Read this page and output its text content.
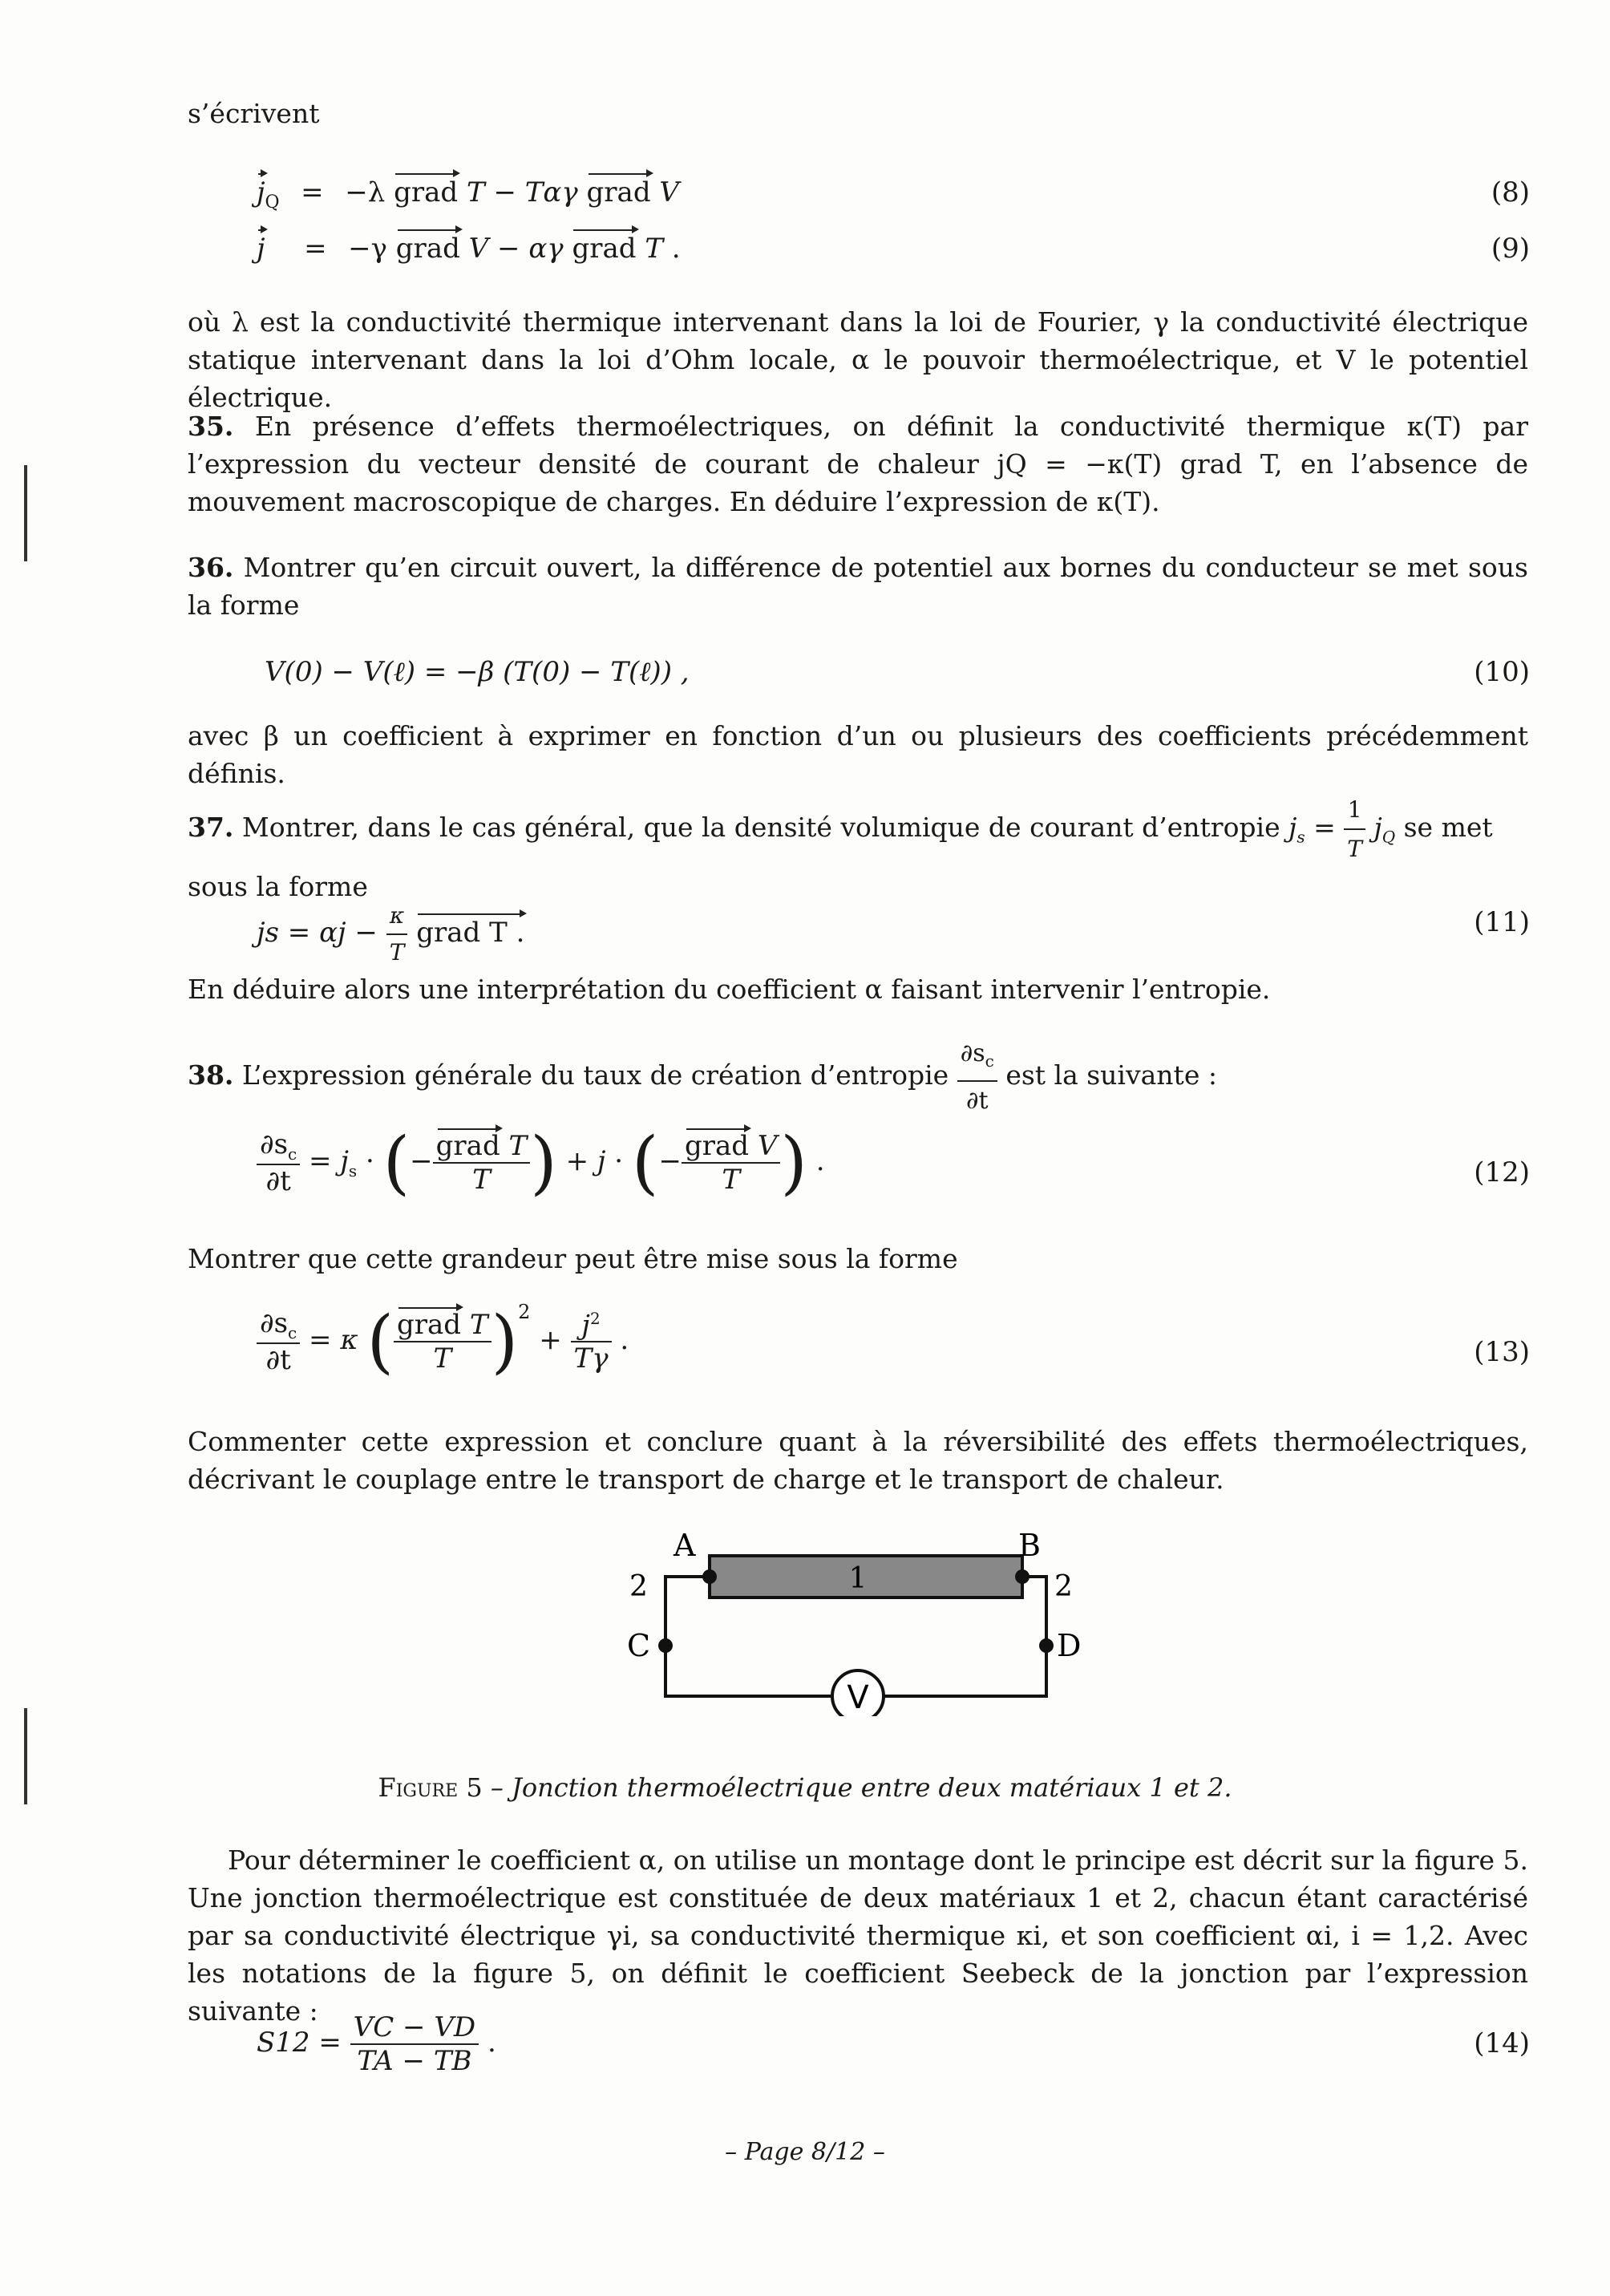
s’écrivent
$j_Q = -\lambda$ grad T − Tαγ grad V	(8)
j = −γ grad V − αγ grad T .	(9)
où λ est la conductivité thermique intervenant dans la loi de Fourier, γ la conductivité électrique statique intervenant dans la loi d’Ohm locale, α le pouvoir thermoélectrique, et V le potentiel électrique.
35. En présence d’effets thermoélectriques, on définit la conductivité thermique κ(T) par l’expression du vecteur densité de courant de chaleur jQ = −κ(T) grad T, en l’absence de mouvement macroscopique de charges. En déduire l’expression de κ(T).
36. Montrer qu’en circuit ouvert, la différence de potentiel aux bornes du conducteur se met sous la forme
V(0) − V(ℓ) = −β (T(0) − T(ℓ)) ,	(10)
avec β un coefficient à exprimer en fonction d’un ou plusieurs des coefficients précédemment définis.
37. Montrer, dans le cas général, que la densité volumique de courant d’entropie $j_s = \frac{1}{T} j_Q$ se met
sous la forme
js = $\alpha j - \frac{\kappa}{T}$ grad T .	(11)
En déduire alors une interprétation du coefficient α faisant intervenir l’entropie.
38. L’expression générale du taux de création d’entropie $\frac{\partial s_c}{\partial t}$ est la suivante :
$\frac{\partial s_c}{\partial t} = j_s$ · (− $\frac{\text{grad T}}{T}$ ) + j · (− $\frac{\text{grad V}}{T}$ ) .	(12)
Montrer que cette grandeur peut être mise sous la forme
$\frac{\partial s_c}{\partial t} = \kappa$ ( $\frac{\text{grad T}}{T} )^2 + \frac{j^2}{T\gamma}$ .	(13)
Commenter cette expression et conclure quant à la réversibilité des effets thermoélectriques, décrivant le couplage entre le transport de charge et le transport de chaleur.
V
A	B
C	D
1
2	2
Figure 5 – Jonction thermoélectrique entre deux matériaux 1 et 2.
Pour déterminer le coefficient α, on utilise un montage dont le principe est décrit sur la figure 5. Une jonction thermoélectrique est constituée de deux matériaux 1 et 2, chacun étant caractérisé par sa conductivité électrique γi, sa conductivité thermique κi, et son coefficient αi, i = 1,2. Avec les notations de la figure 5, on définit le coefficient Seebeck de la jonction par l’expression suivante :
$S12 = \frac{VC - VD}{TA - TB}$ .	(14)
– Page 8/12 –
